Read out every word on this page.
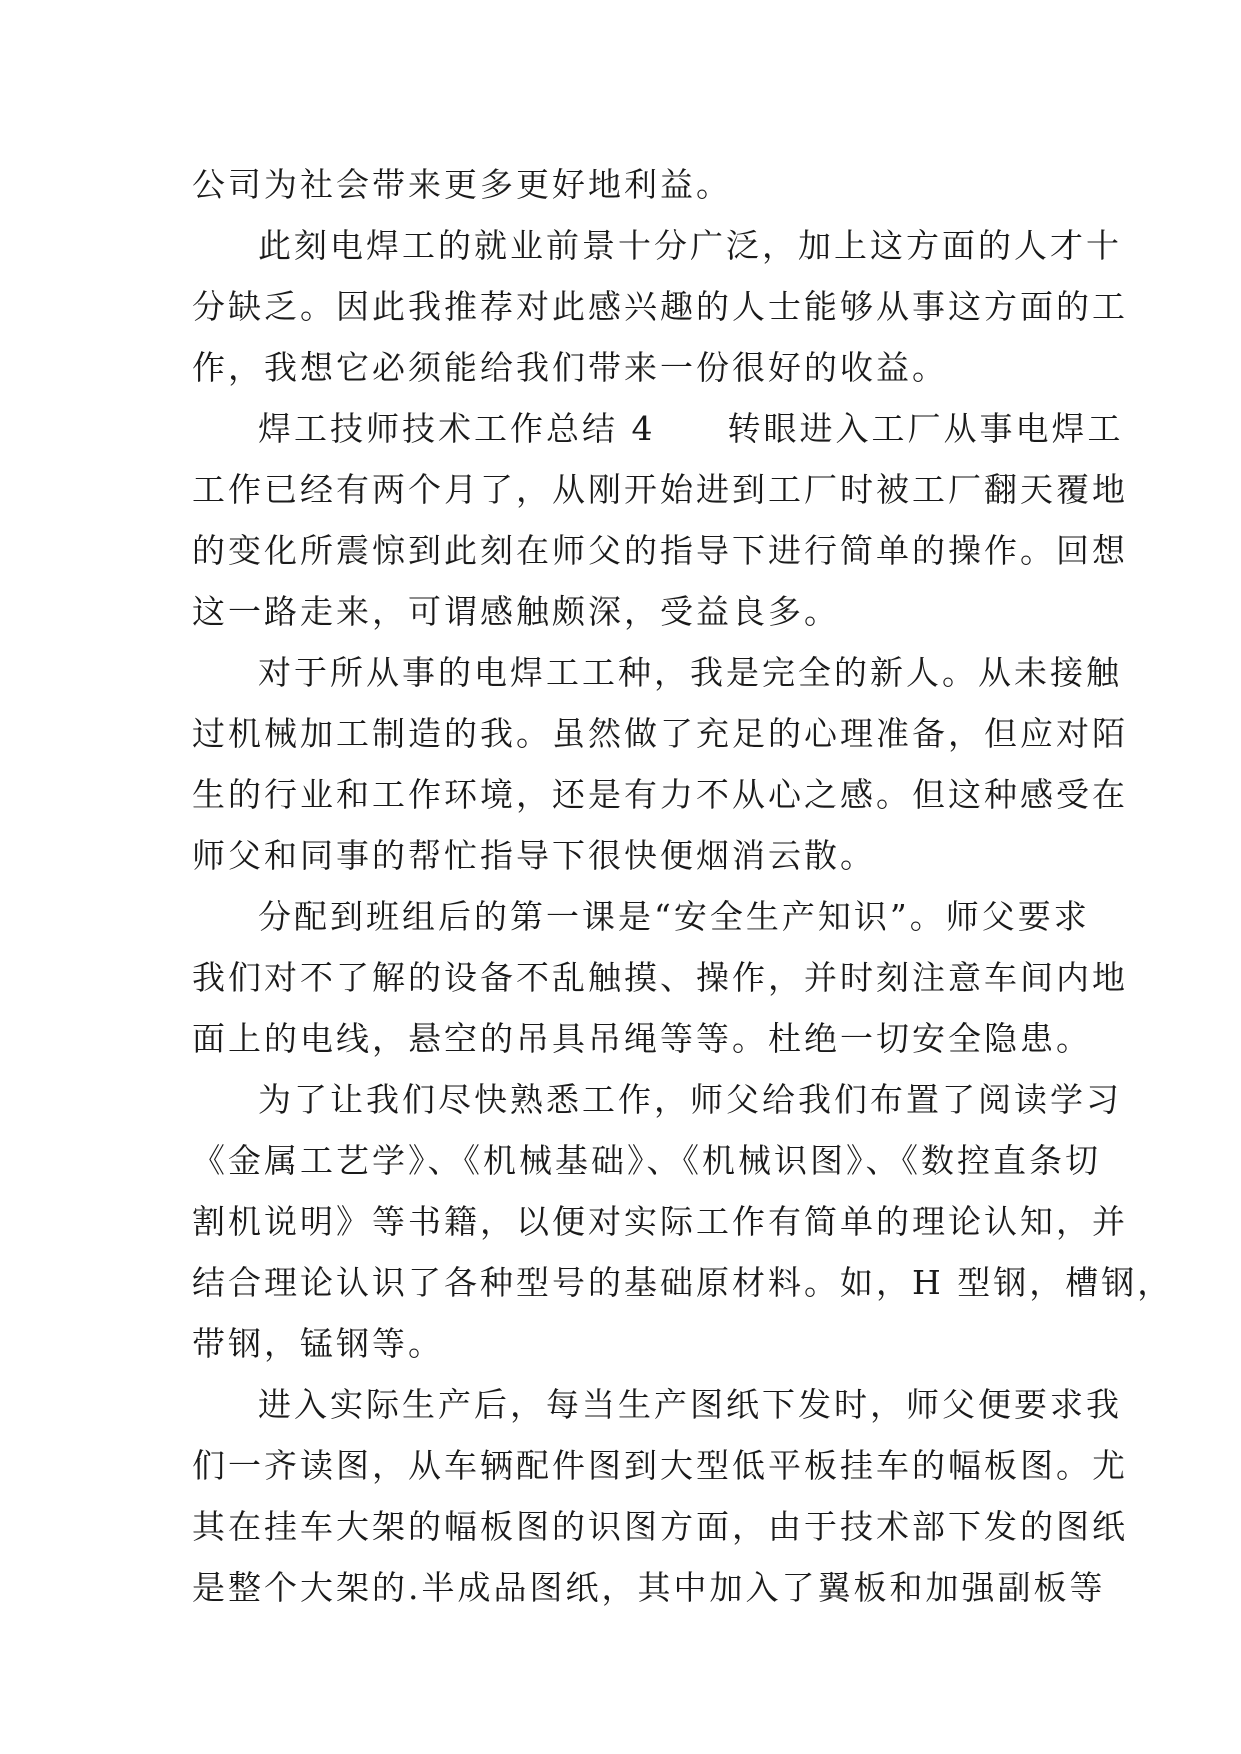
公司为社会带来更多更好地利益。
此刻电焊工的就业前景十分广泛，加上这方面的人才十
分缺乏。因此我推荐对此感兴趣的人士能够从事这方面的工
作，我想它必须能给我们带来一份很好的收益。
焊工技师技术工作总结 4　　转眼进入工厂从事电焊工
工作已经有两个月了，从刚开始进到工厂时被工厂翻天覆地
的变化所震惊到此刻在师父的指导下进行简单的操作。回想
这一路走来，可谓感触颇深，受益良多。
对于所从事的电焊工工种，我是完全的新人。从未接触
过机械加工制造的我。虽然做了充足的心理准备，但应对陌
生的行业和工作环境，还是有力不从心之感。但这种感受在
师父和同事的帮忙指导下很快便烟消云散。
分配到班组后的第一课是“安全生产知识”。师父要求
我们对不了解的设备不乱触摸、操作，并时刻注意车间内地
面上的电线，悬空的吊具吊绳等等。杜绝一切安全隐患。
为了让我们尽快熟悉工作，师父给我们布置了阅读学习
《金属工艺学》、《机械基础》、《机械识图》、《数控直条切
割机说明》等书籍，以便对实际工作有简单的理论认知，并
结合理论认识了各种型号的基础原材料。如，H 型钢，槽钢，
带钢，锰钢等。
进入实际生产后，每当生产图纸下发时，师父便要求我
们一齐读图，从车辆配件图到大型低平板挂车的幅板图。尤
其在挂车大架的幅板图的识图方面，由于技术部下发的图纸
是整个大架的.半成品图纸，其中加入了翼板和加强副板等
